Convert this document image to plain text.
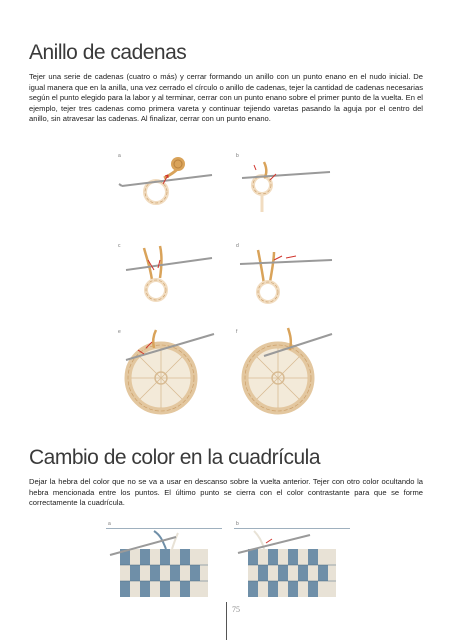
Anillo de cadenas

Tejer una serie de cadenas (cuatro o más) y cerrar formando un anillo con un punto enano en el nudo inicial. De igual manera que en la anilla, una vez cerrado el círculo o anillo de cadenas, tejer la cantidad de cadenas necesarias según el punto elegido para la labor y al terminar, cerrar con un punto enano sobre el primer punto de la vuelta. En el ejemplo, tejer tres cadenas como primera vareta y continuar tejiendo varetas pasando la aguja por el centro del anillo, sin atravesar las cadenas. Al finalizar, cerrar con un punto enano.

a	b
c	d
e	f
Cambio de color en la cuadrícula

Dejar la hebra del color que no se va a usar en descanso sobre la vuelta anterior. Tejer con otro color ocultando la hebra mencionada entre los puntos. El último punto se cierra con el color contrastante para que se forme correctamente la cuadrícula.

a	b
75
